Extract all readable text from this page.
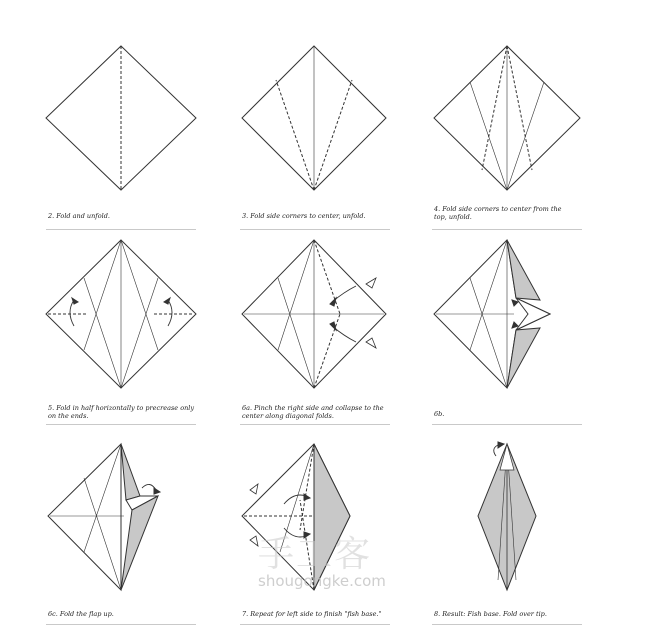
2. Fold and unfold.	3. Fold side corners to center, unfold.
4. Fold side corners to center from the top, unfold.
5. Fold in half horizontally to precrease only on the ends.
6a. Pinch the right side and collapse to the center along diagonal folds.	6b.
6c. Fold the flap up.	7. Repeat for left side to finish "fish base."	8. Result: Fish base. Fold over tip.
手工客
shougongke.com
